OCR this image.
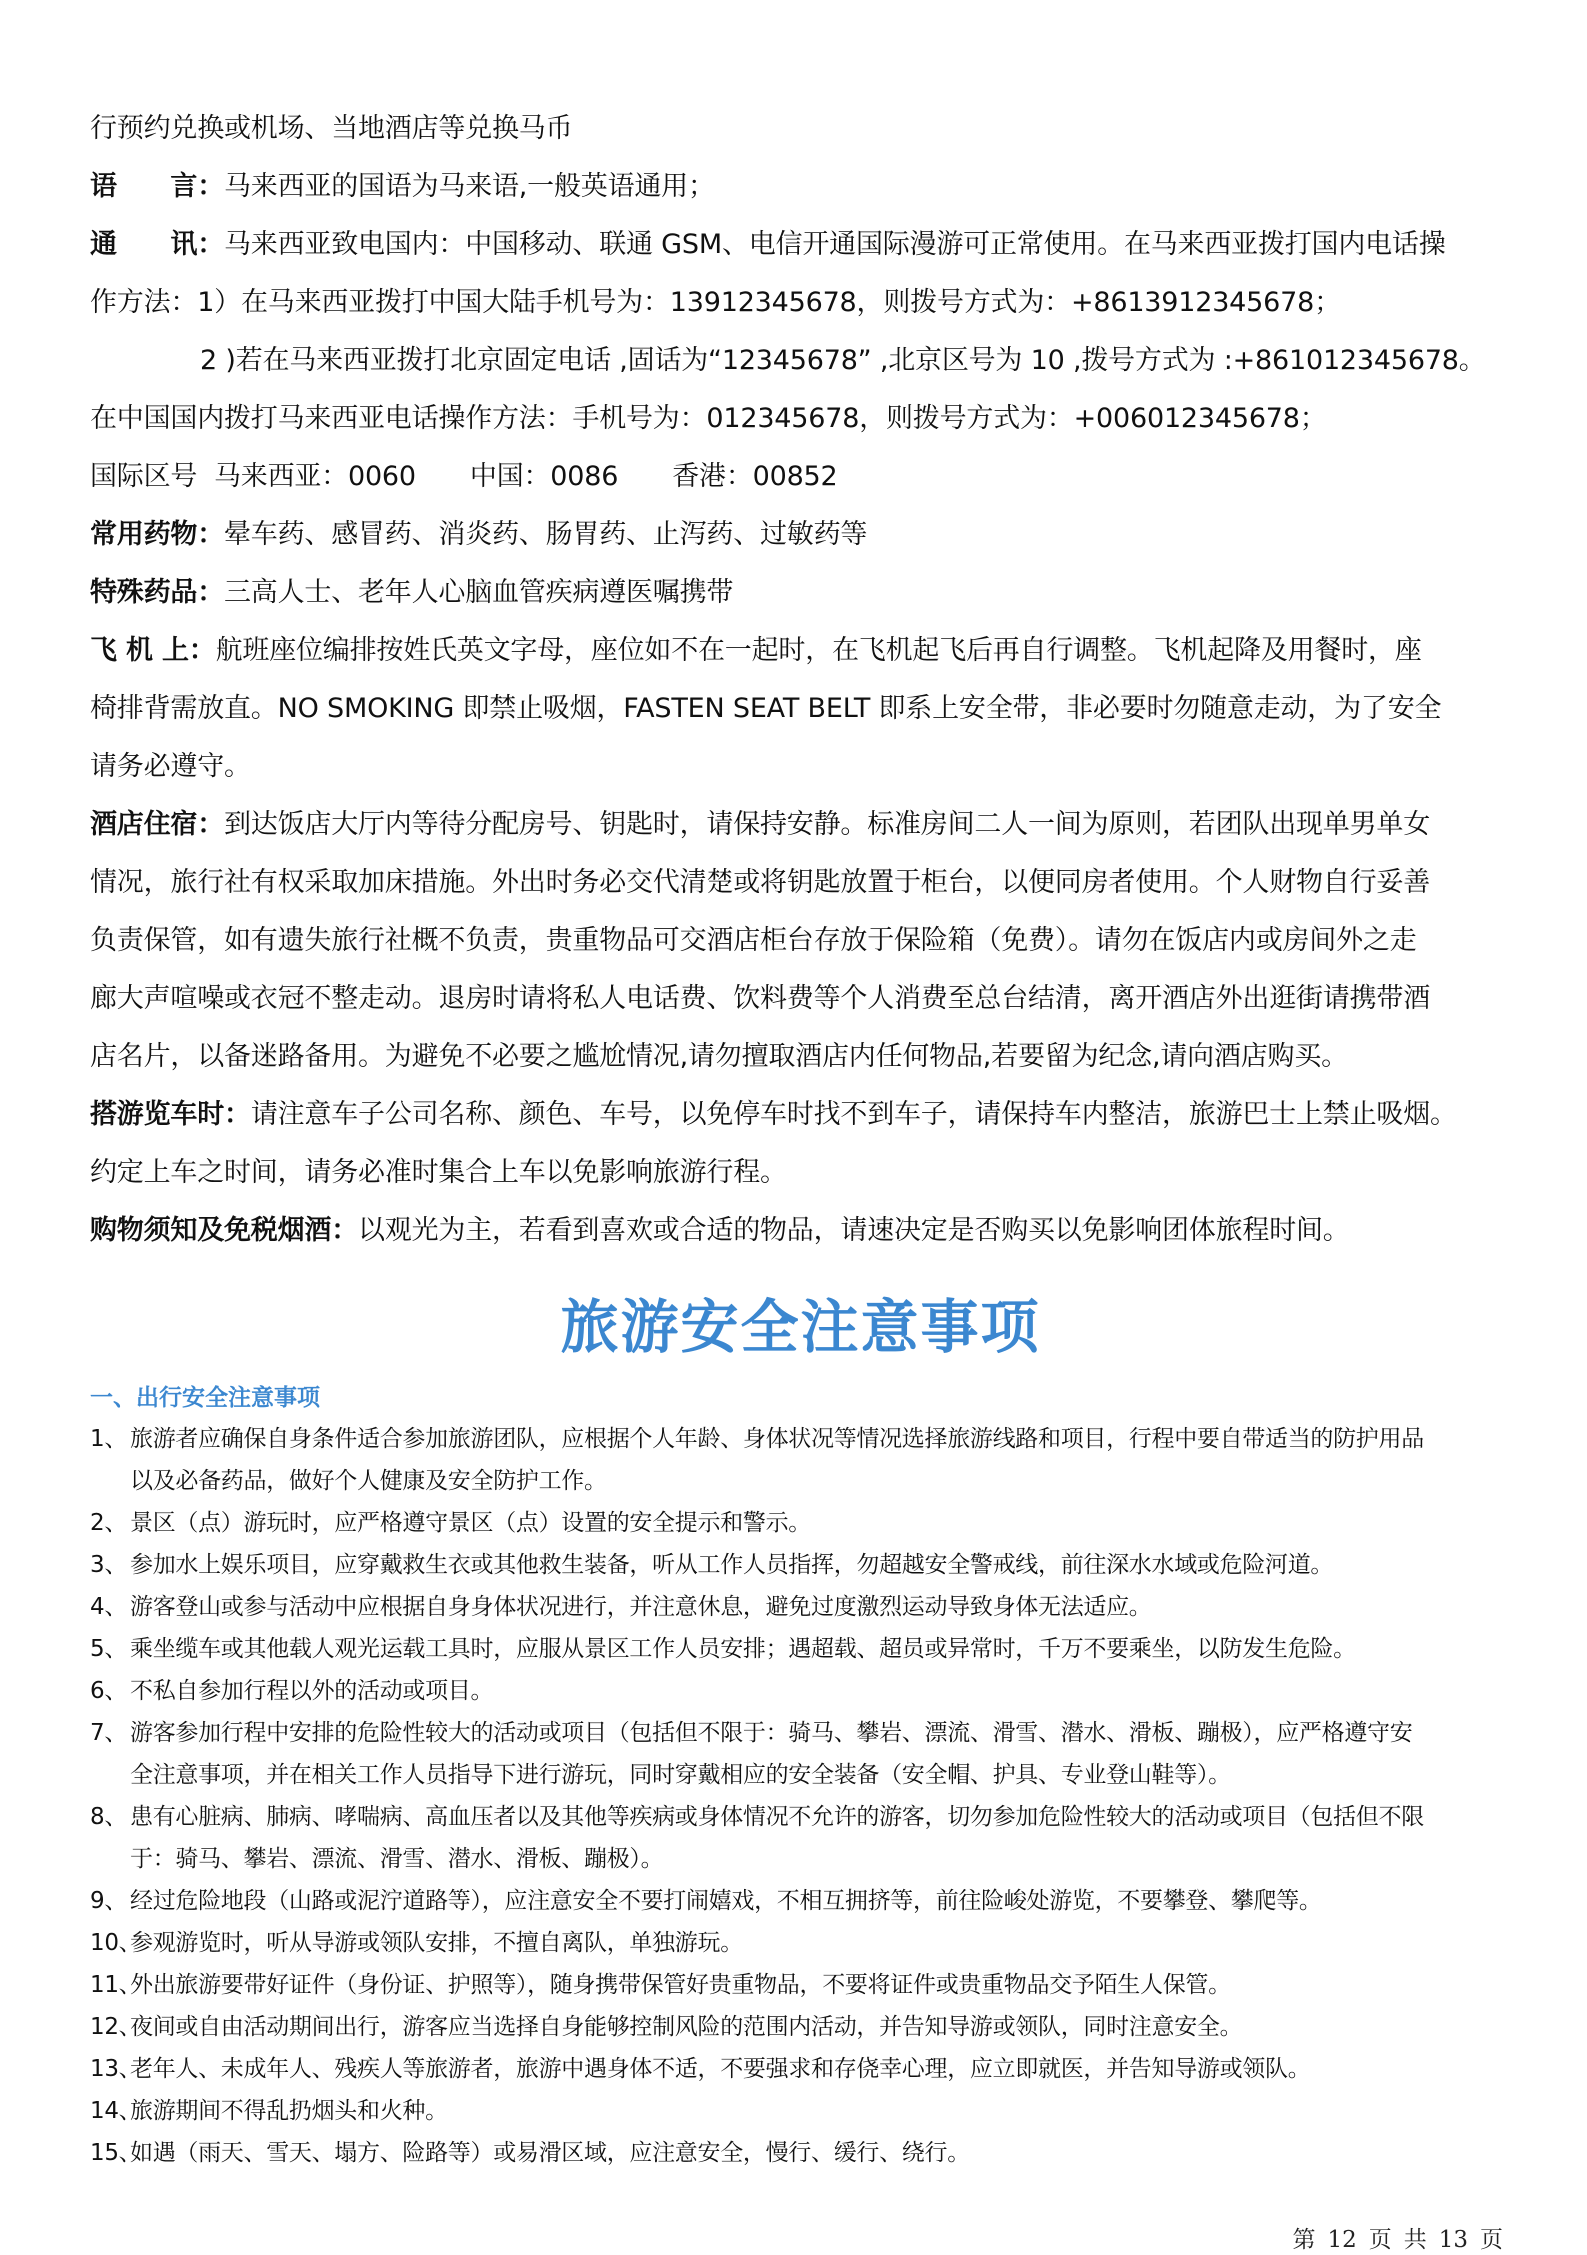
行预约兑换或机场、当地酒店等兑换马币
语　　言：马来西亚的国语为马来语,一般英语通用；
通　　讯：马来西亚致电国内：中国移动、联通 GSM、电信开通国际漫游可正常使用。在马来西亚拨打国内电话操
作方法：1）在马来西亚拨打中国大陆手机号为：13912345678，则拨号方式为：+8613912345678；
2 )若在马来西亚拨打北京固定电话 ,固话为“12345678” ,北京区号为 10 ,拨号方式为 :+861012345678。
在中国国内拨打马来西亚电话操作方法：手机号为：012345678，则拨号方式为：+006012345678；
国际区号 马来西亚：0060 中国：0086 香港：00852
常用药物：晕车药、感冒药、消炎药、肠胃药、止泻药、过敏药等
特殊药品：三高人士、老年人心脑血管疾病遵医嘱携带
飞 机 上：航班座位编排按姓氏英文字母，座位如不在一起时，在飞机起飞后再自行调整。飞机起降及用餐时，座
椅排背需放直。NO SMOKING 即禁止吸烟，FASTEN SEAT BELT 即系上安全带，非必要时勿随意走动，为了安全
请务必遵守。
酒店住宿：到达饭店大厅内等待分配房号、钥匙时，请保持安静。标准房间二人一间为原则，若团队出现单男单女
情况，旅行社有权采取加床措施。外出时务必交代清楚或将钥匙放置于柜台，以便同房者使用。个人财物自行妥善
负责保管，如有遗失旅行社概不负责，贵重物品可交酒店柜台存放于保险箱（免费）。请勿在饭店内或房间外之走
廊大声喧噪或衣冠不整走动。退房时请将私人电话费、饮料费等个人消费至总台结清，离开酒店外出逛街请携带酒
店名片，以备迷路备用。为避免不必要之尴尬情况,请勿擅取酒店内任何物品,若要留为纪念,请向酒店购买。
搭游览车时：请注意车子公司名称、颜色、车号，以免停车时找不到车子，请保持车内整洁，旅游巴士上禁止吸烟。
约定上车之时间，请务必准时集合上车以免影响旅游行程。
购物须知及免税烟酒：以观光为主，若看到喜欢或合适的物品，请速决定是否购买以免影响团体旅程时间。
旅游安全注意事项
一、出行安全注意事项
1、 旅游者应确保自身条件适合参加旅游团队，应根据个人年龄、身体状况等情况选择旅游线路和项目，行程中要自带适当的防护用品
以及必备药品，做好个人健康及安全防护工作。
2、 景区（点）游玩时，应严格遵守景区（点）设置的安全提示和警示。
3、 参加水上娱乐项目，应穿戴救生衣或其他救生装备，听从工作人员指挥，勿超越安全警戒线，前往深水水域或危险河道。
4、 游客登山或参与活动中应根据自身身体状况进行，并注意休息，避免过度激烈运动导致身体无法适应。
5、 乘坐缆车或其他载人观光运载工具时，应服从景区工作人员安排；遇超载、超员或异常时，千万不要乘坐，以防发生危险。
6、 不私自参加行程以外的活动或项目。
7、 游客参加行程中安排的危险性较大的活动或项目（包括但不限于：骑马、攀岩、漂流、滑雪、潜水、滑板、蹦极），应严格遵守安
全注意事项，并在相关工作人员指导下进行游玩，同时穿戴相应的安全装备（安全帽、护具、专业登山鞋等）。
8、 患有心脏病、肺病、哮喘病、高血压者以及其他等疾病或身体情况不允许的游客，切勿参加危险性较大的活动或项目（包括但不限
于：骑马、攀岩、漂流、滑雪、潜水、滑板、蹦极）。
9、 经过危险地段（山路或泥泞道路等），应注意安全不要打闹嬉戏，不相互拥挤等，前往险峻处游览，不要攀登、攀爬等。
10、
参观游览时，听从导游或领队安排，不擅自离队，单独游玩。
11、
外出旅游要带好证件（身份证、护照等），随身携带保管好贵重物品，不要将证件或贵重物品交予陌生人保管。
12、
夜间或自由活动期间出行，游客应当选择自身能够控制风险的范围内活动，并告知导游或领队，同时注意安全。
13、
老年人、未成年人、残疾人等旅游者，旅游中遇身体不适，不要强求和存侥幸心理，应立即就医，并告知导游或领队。
14、
旅游期间不得乱扔烟头和火种。
15、
如遇（雨天、雪天、塌方、险路等）或易滑区域，应注意安全，慢行、缓行、绕行。
第 12 页 共 13 页
